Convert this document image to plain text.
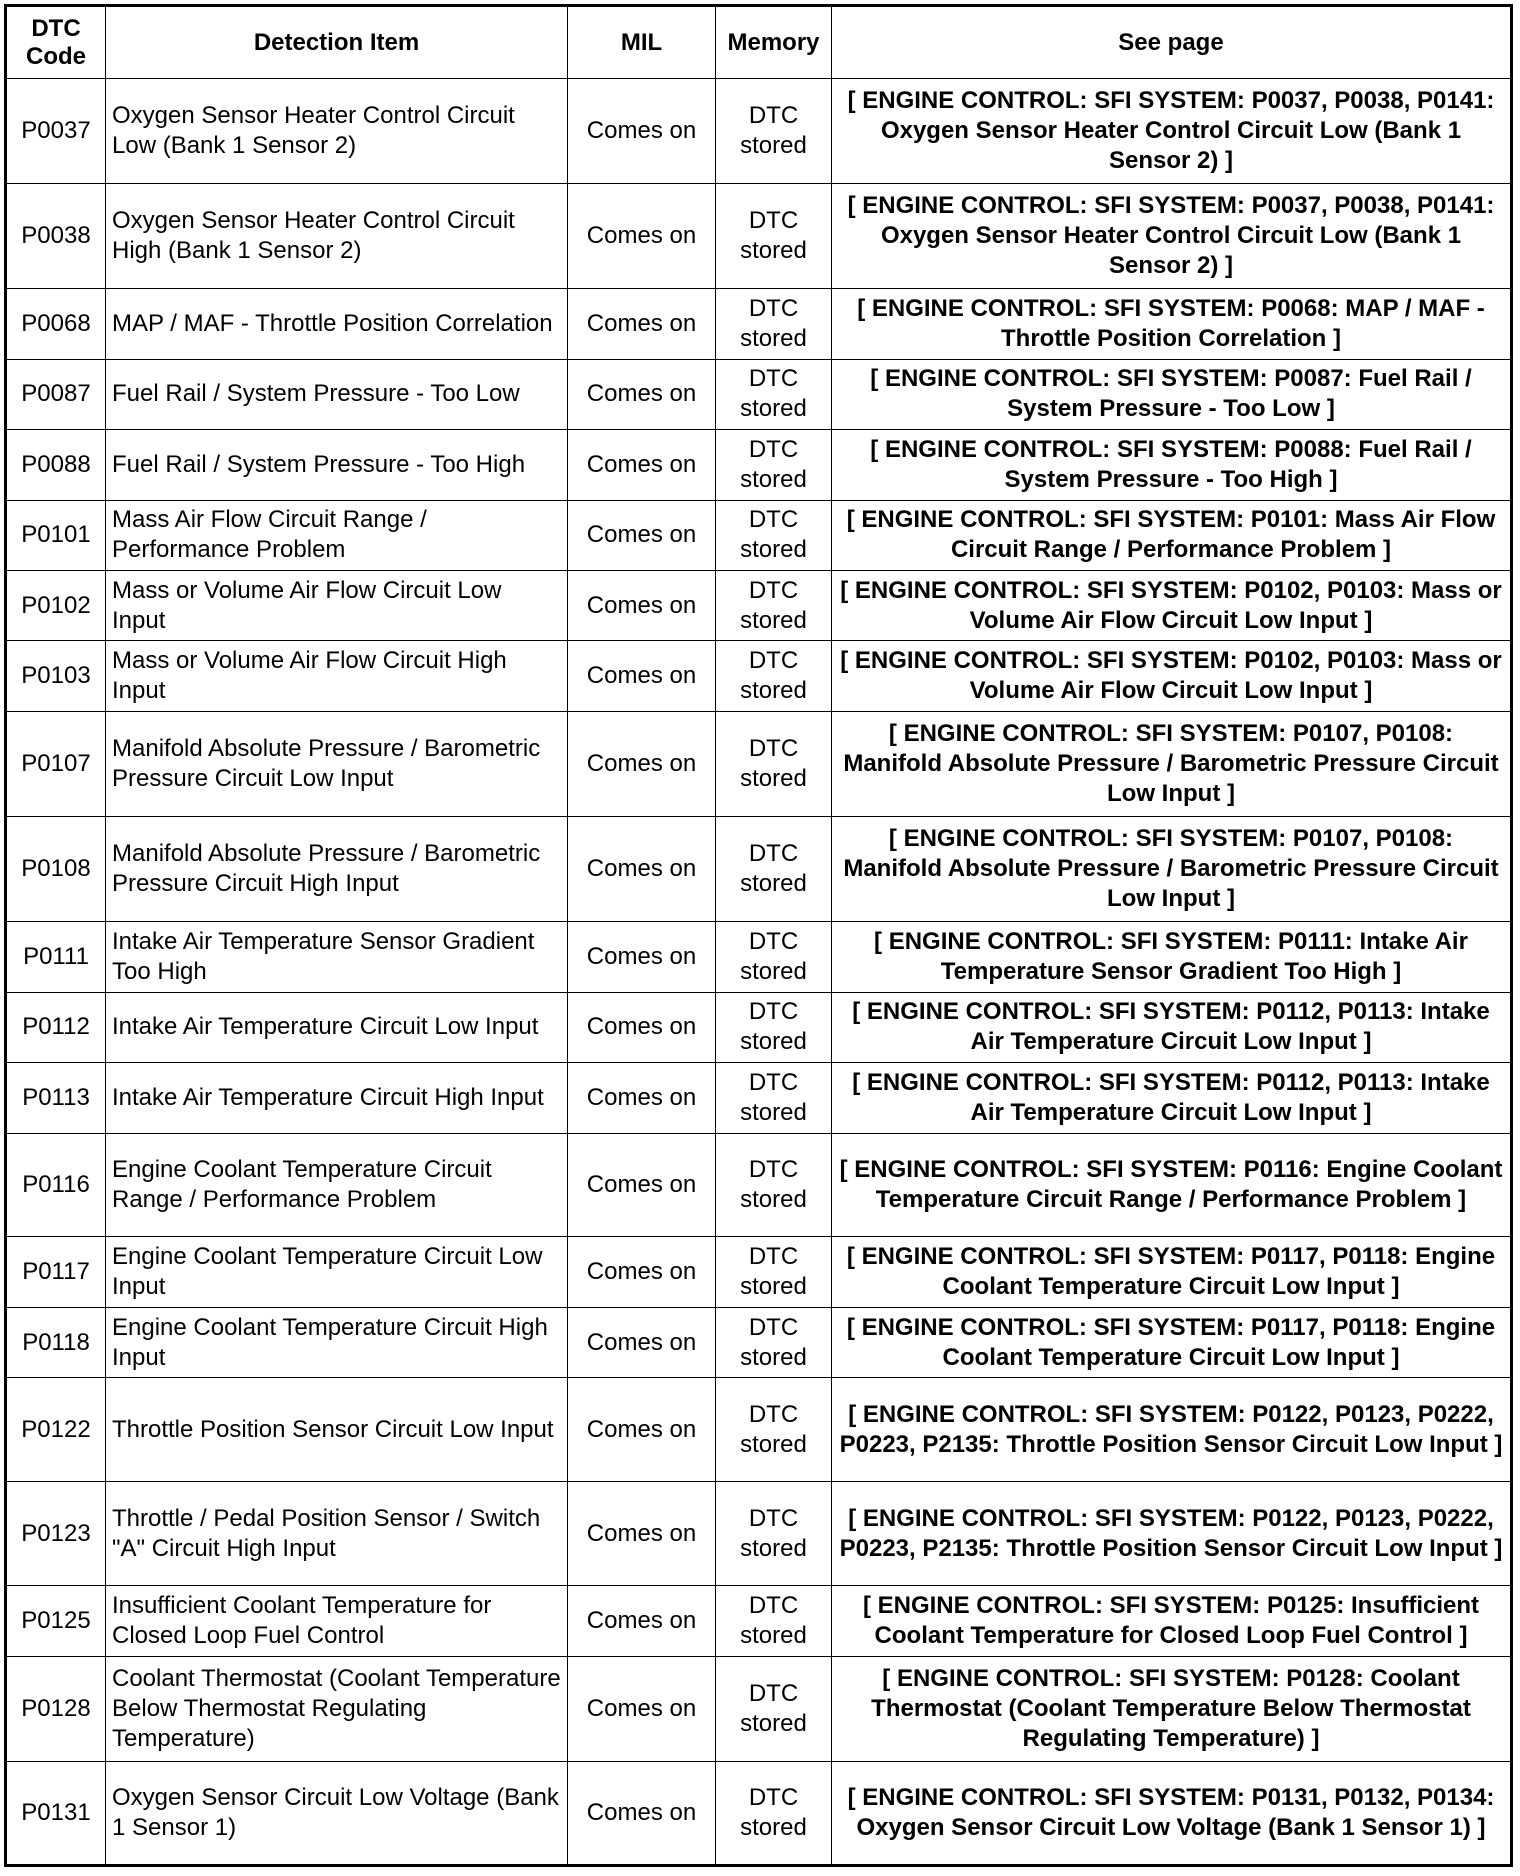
DTC Code	Detection Item	MIL	Memory	See page
P0037	Oxygen Sensor Heater Control Circuit Low (Bank 1 Sensor 2)	Comes on	DTC stored	[ ENGINE CONTROL: SFI SYSTEM: P0037, P0038, P0141: Oxygen Sensor Heater Control Circuit Low (Bank 1 Sensor 2) ]
P0038	Oxygen Sensor Heater Control Circuit High (Bank 1 Sensor 2)	Comes on	DTC stored	[ ENGINE CONTROL: SFI SYSTEM: P0037, P0038, P0141: Oxygen Sensor Heater Control Circuit Low (Bank 1 Sensor 2) ]
P0068	MAP / MAF - Throttle Position Correlation	Comes on	DTC stored	[ ENGINE CONTROL: SFI SYSTEM: P0068: MAP / MAF - Throttle Position Correlation ]
P0087	Fuel Rail / System Pressure - Too Low	Comes on	DTC stored	[ ENGINE CONTROL: SFI SYSTEM: P0087: Fuel Rail / System Pressure - Too Low ]
P0088	Fuel Rail / System Pressure - Too High	Comes on	DTC stored	[ ENGINE CONTROL: SFI SYSTEM: P0088: Fuel Rail / System Pressure - Too High ]
P0101	Mass Air Flow Circuit Range / Performance Problem	Comes on	DTC stored	[ ENGINE CONTROL: SFI SYSTEM: P0101: Mass Air Flow Circuit Range / Performance Problem ]
P0102	Mass or Volume Air Flow Circuit Low Input	Comes on	DTC stored	[ ENGINE CONTROL: SFI SYSTEM: P0102, P0103: Mass or Volume Air Flow Circuit Low Input ]
P0103	Mass or Volume Air Flow Circuit High Input	Comes on	DTC stored	[ ENGINE CONTROL: SFI SYSTEM: P0102, P0103: Mass or Volume Air Flow Circuit Low Input ]
P0107	Manifold Absolute Pressure / Barometric Pressure Circuit Low Input	Comes on	DTC stored	[ ENGINE CONTROL: SFI SYSTEM: P0107, P0108: Manifold Absolute Pressure / Barometric Pressure Circuit Low Input ]
P0108	Manifold Absolute Pressure / Barometric Pressure Circuit High Input	Comes on	DTC stored	[ ENGINE CONTROL: SFI SYSTEM: P0107, P0108: Manifold Absolute Pressure / Barometric Pressure Circuit Low Input ]
P0111	Intake Air Temperature Sensor Gradient Too High	Comes on	DTC stored	[ ENGINE CONTROL: SFI SYSTEM: P0111: Intake Air Temperature Sensor Gradient Too High ]
P0112	Intake Air Temperature Circuit Low Input	Comes on	DTC stored	[ ENGINE CONTROL: SFI SYSTEM: P0112, P0113: Intake Air Temperature Circuit Low Input ]
P0113	Intake Air Temperature Circuit High Input	Comes on	DTC stored	[ ENGINE CONTROL: SFI SYSTEM: P0112, P0113: Intake Air Temperature Circuit Low Input ]
P0116	Engine Coolant Temperature Circuit Range / Performance Problem	Comes on	DTC stored	[ ENGINE CONTROL: SFI SYSTEM: P0116: Engine Coolant Temperature Circuit Range / Performance Problem ]
P0117	Engine Coolant Temperature Circuit Low Input	Comes on	DTC stored	[ ENGINE CONTROL: SFI SYSTEM: P0117, P0118: Engine Coolant Temperature Circuit Low Input ]
P0118	Engine Coolant Temperature Circuit High Input	Comes on	DTC stored	[ ENGINE CONTROL: SFI SYSTEM: P0117, P0118: Engine Coolant Temperature Circuit Low Input ]
P0122	Throttle Position Sensor Circuit Low Input	Comes on	DTC stored	[ ENGINE CONTROL: SFI SYSTEM: P0122, P0123, P0222, P0223, P2135: Throttle Position Sensor Circuit Low Input ]
P0123	Throttle / Pedal Position Sensor / Switch "A" Circuit High Input	Comes on	DTC stored	[ ENGINE CONTROL: SFI SYSTEM: P0122, P0123, P0222, P0223, P2135: Throttle Position Sensor Circuit Low Input ]
P0125	Insufficient Coolant Temperature for Closed Loop Fuel Control	Comes on	DTC stored	[ ENGINE CONTROL: SFI SYSTEM: P0125: Insufficient Coolant Temperature for Closed Loop Fuel Control ]
P0128	Coolant Thermostat (Coolant Temperature Below Thermostat Regulating Temperature)	Comes on	DTC stored	[ ENGINE CONTROL: SFI SYSTEM: P0128: Coolant Thermostat (Coolant Temperature Below Thermostat Regulating Temperature) ]
P0131	Oxygen Sensor Circuit Low Voltage (Bank 1 Sensor 1)	Comes on	DTC stored	[ ENGINE CONTROL: SFI SYSTEM: P0131, P0132, P0134: Oxygen Sensor Circuit Low Voltage (Bank 1 Sensor 1) ]
